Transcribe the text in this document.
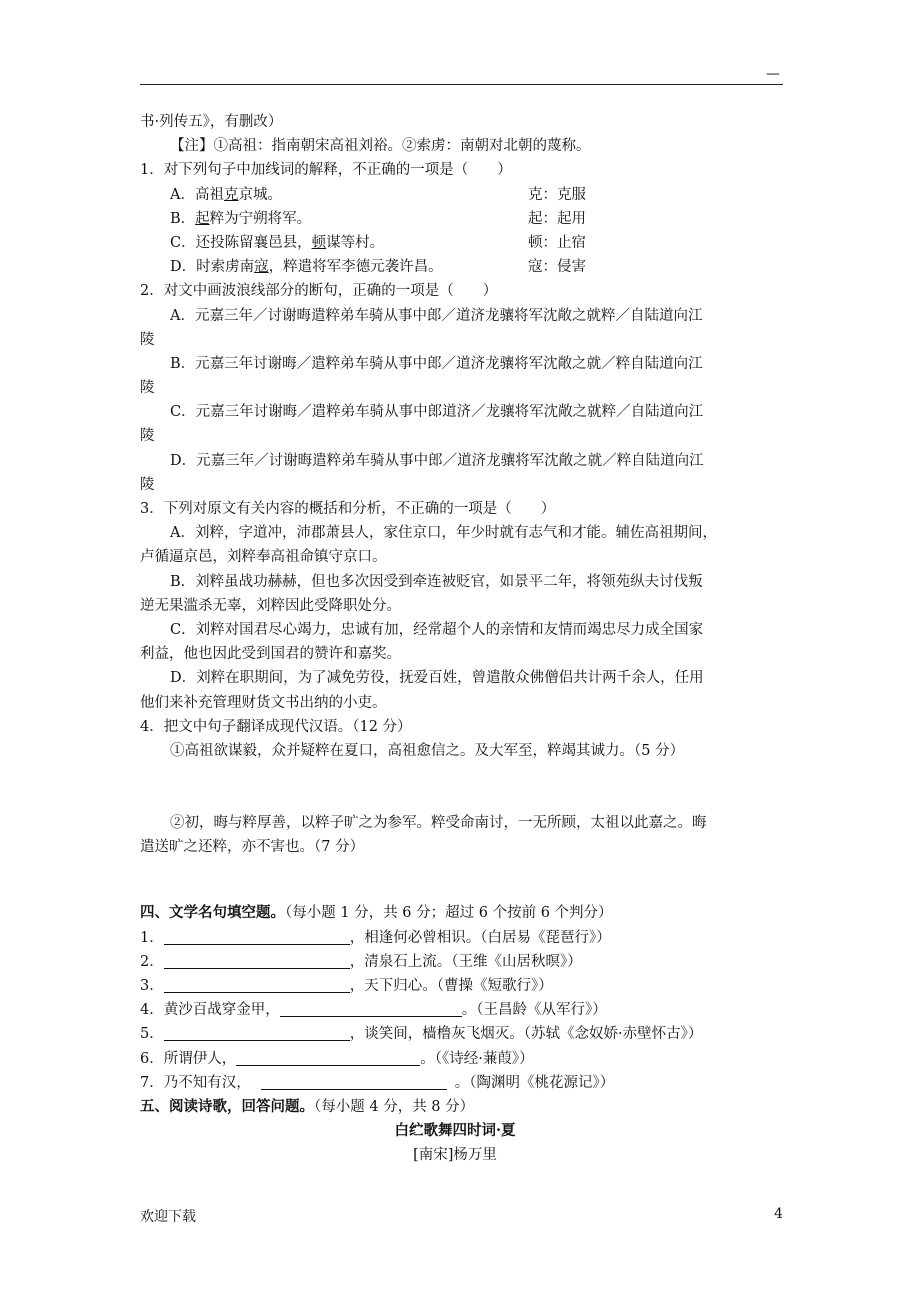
—
书·列传五》，有删改）
【注】①高祖：指南朝宋高祖刘裕。②索虏：南朝对北朝的蔑称。
1．对下列句子中加线词的解释，不正确的一项是（　　）
A．高祖克京城。	克：克服
B．起粹为宁朔将军。	起：起用
C．还投陈留襄邑县，顿谋等村。	顿：止宿
D．时索虏南寇，粹遣将军李德元袭许昌。	寇：侵害
2．对文中画波浪线部分的断句，正确的一项是（　　）
A．元嘉三年／讨谢晦遣粹弟车骑从事中郎／道济龙骧将军沈敞之就粹／自陆道向江
陵
B．元嘉三年讨谢晦／遣粹弟车骑从事中郎／道济龙骧将军沈敞之就／粹自陆道向江
陵
C．元嘉三年讨谢晦／遣粹弟车骑从事中郎道济／龙骧将军沈敞之就粹／自陆道向江
陵
D．元嘉三年／讨谢晦遣粹弟车骑从事中郎／道济龙骧将军沈敞之就／粹自陆道向江
陵
3．下列对原文有关内容的概括和分析，不正确的一项是（　　）
A．刘粹，字道冲，沛郡萧县人，家住京口，年少时就有志气和才能。辅佐高祖期间，
卢循逼京邑，刘粹奉高祖命镇守京口。
B．刘粹虽战功赫赫，但也多次因受到牵连被贬官，如景平二年，将领苑纵夫讨伐叛
逆无果滥杀无辜，刘粹因此受降职处分。
C．刘粹对国君尽心竭力，忠诚有加，经常超个人的亲情和友情而竭忠尽力成全国家
利益，他也因此受到国君的赞许和嘉奖。
D．刘粹在职期间，为了减免劳役，抚爱百姓，曾遣散众佛僧侣共计两千余人，任用
他们来补充管理财货文书出纳的小吏。
4．把文中句子翻译成现代汉语。（12 分）
①高祖欲谋毅，众并疑粹在夏口，高祖愈信之。及大军至，粹竭其诚力。（5 分）
②初，晦与粹厚善，以粹子旷之为参军。粹受命南讨，一无所顾，太祖以此嘉之。晦
遣送旷之还粹，亦不害也。（7 分）
四、文学名句填空题。（每小题 1 分，共 6 分；超过 6 个按前 6 个判分）
1．	，相逢何必曾相识。（白居易《琵琶行》）
2．	，清泉石上流。（王维《山居秋暝》）
3．	，天下归心。（曹操《短歌行》）
4．黄沙百战穿金甲，	。（王昌龄《从军行》）
5．	，谈笑间，樯橹灰飞烟灭。（苏轼《念奴娇·赤壁怀古》）
6．所谓伊人，	。（《诗经·蒹葭》）
7．乃不知有汉，	。（陶渊明《桃花源记》）
五、阅读诗歌，回答问题。（每小题 4 分，共 8 分）
白纻歌舞四时词·夏
[南宋]杨万里
欢迎下载	4
